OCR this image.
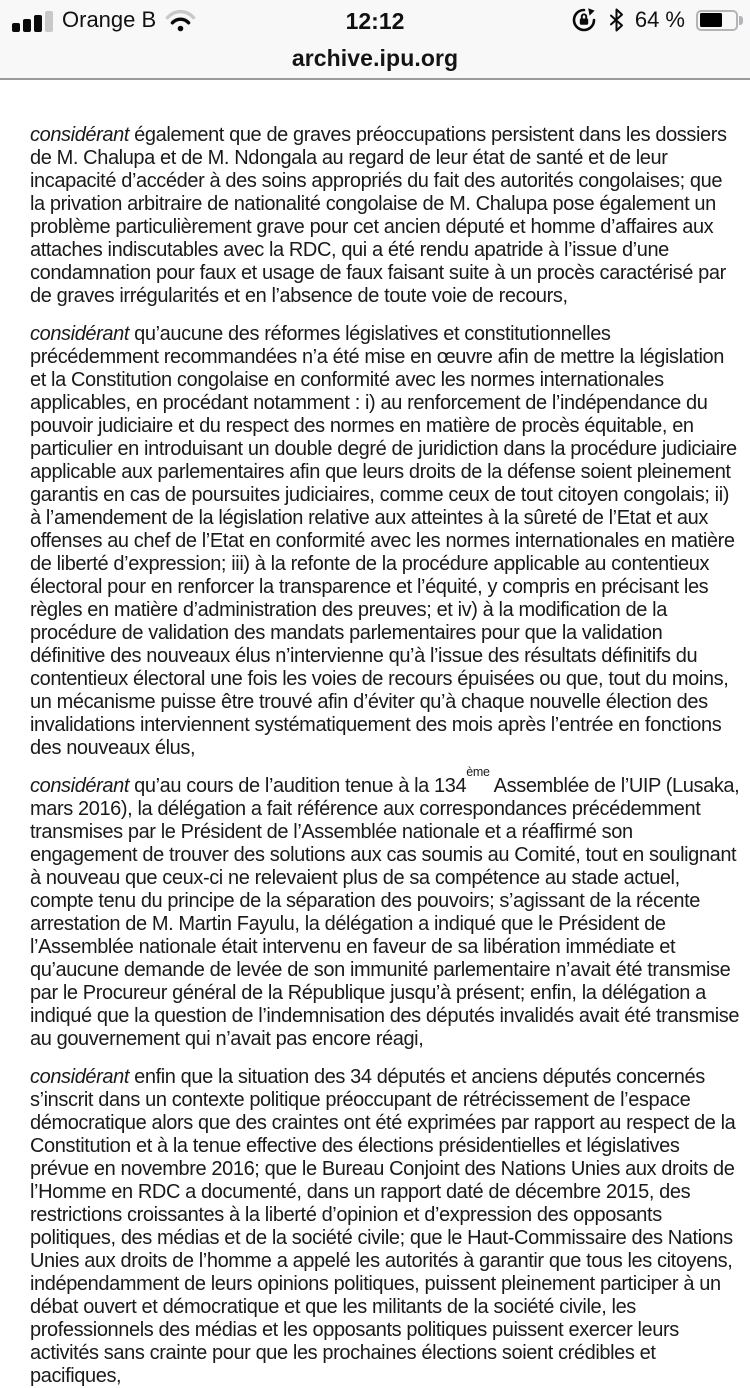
Orange B	12:12	64 %
archive.ipu.org

considérant également que de graves préoccupations persistent dans les dossiers de M. Chalupa et de M. Ndongala au regard de leur état de santé et de leur incapacité d’accéder à des soins appropriés du fait des autorités congolaises; que la privation arbitraire de nationalité congolaise de M. Chalupa pose également un problème particulièrement grave pour cet ancien député et homme d’affaires aux attaches indiscutables avec la RDC, qui a été rendu apatride à l’issue d’une condamnation pour faux et usage de faux faisant suite à un procès caractérisé par de graves irrégularités et en l’absence de toute voie de recours,

considérant qu’aucune des réformes législatives et constitutionnelles précédemment recommandées n’a été mise en œuvre afin de mettre la législation et la Constitution congolaise en conformité avec les normes internationales applicables, en procédant notamment : i) au renforcement de l’indépendance du pouvoir judiciaire et du respect des normes en matière de procès équitable, en particulier en introduisant un double degré de juridiction dans la procédure judiciaire applicable aux parlementaires afin que leurs droits de la défense soient pleinement garantis en cas de poursuites judiciaires, comme ceux de tout citoyen congolais; ii) à l’amendement de la législation relative aux atteintes à la sûreté de l’Etat et aux offenses au chef de l’Etat en conformité avec les normes internationales en matière de liberté d’expression; iii) à la refonte de la procédure applicable au contentieux électoral pour en renforcer la transparence et l’équité, y compris en précisant les règles en matière d’administration des preuves; et iv) à la modification de la procédure de validation des mandats parlementaires pour que la validation définitive des nouveaux élus n’intervienne qu’à l’issue des résultats définitifs du contentieux électoral une fois les voies de recours épuisées ou que, tout du moins, un mécanisme puisse être trouvé afin d’éviter qu’à chaque nouvelle élection des invalidations interviennent systématiquement des mois après l’entrée en fonctions des nouveaux élus,

considérant qu’au cours de l’audition tenue à la 134ème Assemblée de l’UIP (Lusaka, mars 2016), la délégation a fait référence aux correspondances précédemment transmises par le Président de l’Assemblée nationale et a réaffirmé son engagement de trouver des solutions aux cas soumis au Comité, tout en soulignant à nouveau que ceux-ci ne relevaient plus de sa compétence au stade actuel, compte tenu du principe de la séparation des pouvoirs; s’agissant de la récente arrestation de M. Martin Fayulu, la délégation a indiqué que le Président de l’Assemblée nationale était intervenu en faveur de sa libération immédiate et qu’aucune demande de levée de son immunité parlementaire n’avait été transmise par le Procureur général de la République jusqu’à présent; enfin, la délégation a indiqué que la question de l’indemnisation des députés invalidés avait été transmise au gouvernement qui n’avait pas encore réagi,

considérant enfin que la situation des 34 députés et anciens députés concernés s’inscrit dans un contexte politique préoccupant de rétrécissement de l’espace démocratique alors que des craintes ont été exprimées par rapport au respect de la Constitution et à la tenue effective des élections présidentielles et législatives prévue en novembre 2016; que le Bureau Conjoint des Nations Unies aux droits de l’Homme en RDC a documenté, dans un rapport daté de décembre 2015, des restrictions croissantes à la liberté d’opinion et d’expression des opposants politiques, des médias et de la société civile; que le Haut-Commissaire des Nations Unies aux droits de l’homme a appelé les autorités à garantir que tous les citoyens, indépendamment de leurs opinions politiques, puissent pleinement participer à un débat ouvert et démocratique et que les militants de la société civile, les professionnels des médias et les opposants politiques puissent exercer leurs activités sans crainte pour que les prochaines élections soient crédibles et pacifiques,
